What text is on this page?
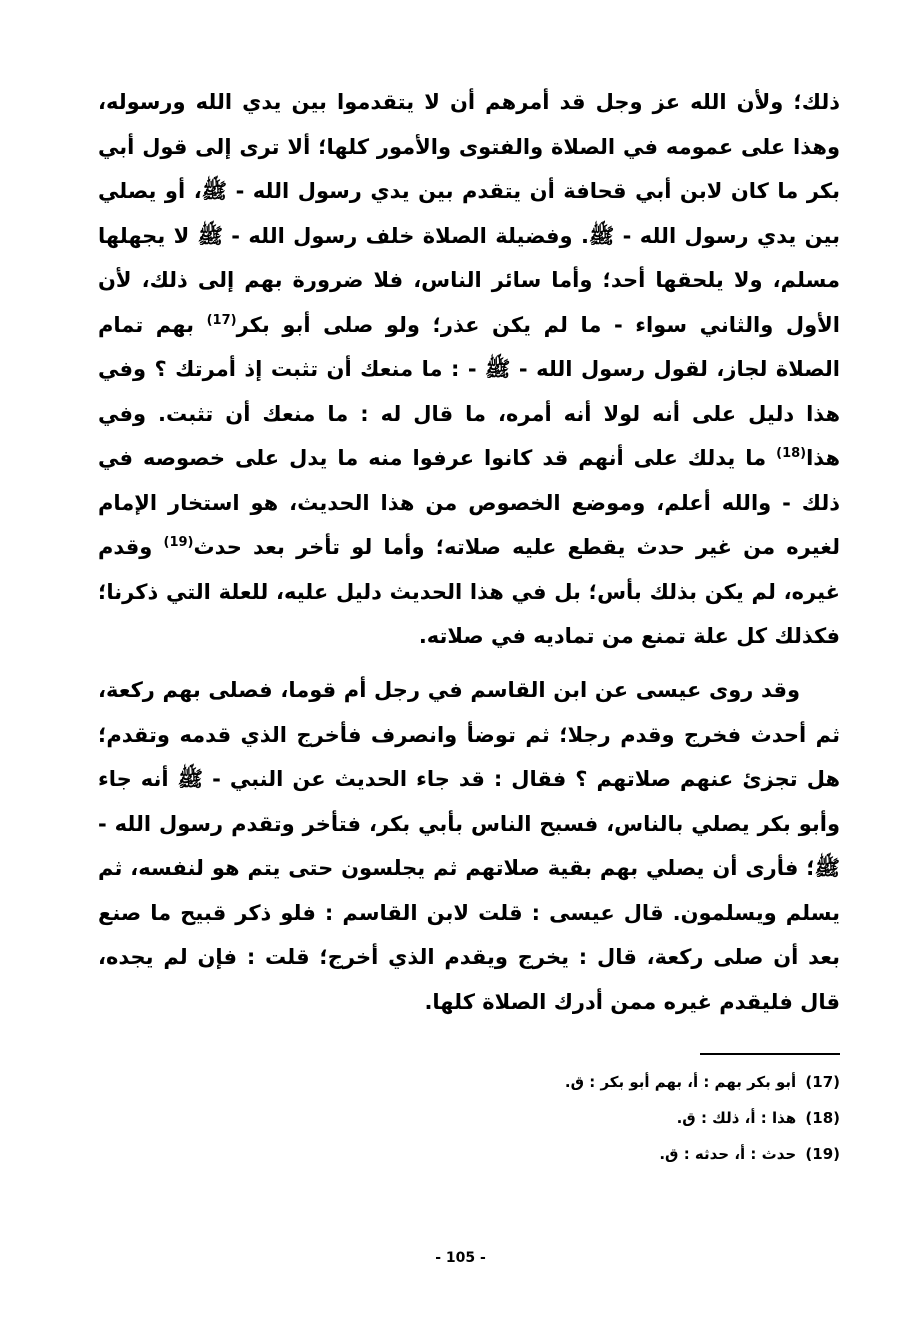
ذلك؛ ولأن الله عز وجل قد أمرهم أن لا يتقدموا بين يدي الله ورسوله، وهذا على عمومه في الصلاة والفتوى والأمور كلها؛ ألا ترى إلى قول أبي بكر ما كان لابن أبي قحافة أن يتقدم بين يدي رسول الله - ﷺ، أو يصلي بين يدي رسول الله - ﷺ. وفضيلة الصلاة خلف رسول الله - ﷺ لا يجهلها مسلم، ولا يلحقها أحد؛ وأما سائر الناس، فلا ضرورة بهم إلى ذلك، لأن الأول والثاني سواء - ما لم يكن عذر؛ ولو صلى أبو بكر$^{(17)}$ بهم تمام الصلاة لجاز، لقول رسول الله - ﷺ - : ما منعك أن تثبت إذ أمرتك ؟ وفي هذا دليل على أنه لولا أنه أمره، ما قال له : ما منعك أن تثبت. وفي هذا$^{(18)}$ ما يدلك على أنهم قد كانوا عرفوا منه ما يدل على خصوصه في ذلك - والله أعلم، وموضع الخصوص من هذا الحديث، هو استخار الإمام لغيره من غير حدث يقطع عليه صلاته؛ وأما لو تأخر بعد حدث$^{(19)}$ وقدم غيره، لم يكن بذلك بأس؛ بل في هذا الحديث دليل عليه، للعلة التي ذكرنا؛ فكذلك كل علة تمنع من تماديه في صلاته.

وقد روى عيسى عن ابن القاسم في رجل أم قوما، فصلى بهم ركعة، ثم أحدث فخرج وقدم رجلا؛ ثم توضأ وانصرف فأخرج الذي قدمه وتقدم؛ هل تجزئ عنهم صلاتهم ؟ فقال : قد جاء الحديث عن النبي - ﷺ أنه جاء وأبو بكر يصلي بالناس، فسبح الناس بأبي بكر، فتأخر وتقدم رسول الله - ﷺ؛ فأرى أن يصلي بهم بقية صلاتهم ثم يجلسون حتى يتم هو لنفسه، ثم يسلم ويسلمون. قال عيسى : قلت لابن القاسم : فلو ذكر قبيح ما صنع بعد أن صلى ركعة، قال : يخرج ويقدم الذي أخرج؛ قلت : فإن لم يجده، قال فليقدم غيره ممن أدرك الصلاة كلها.

(17) أبو بكر بهم : أ، بهم أبو بكر : ق.
(18) هذا : أ، ذلك : ق.
(19) حدث : أ، حدثه : ق.
- 105 -
